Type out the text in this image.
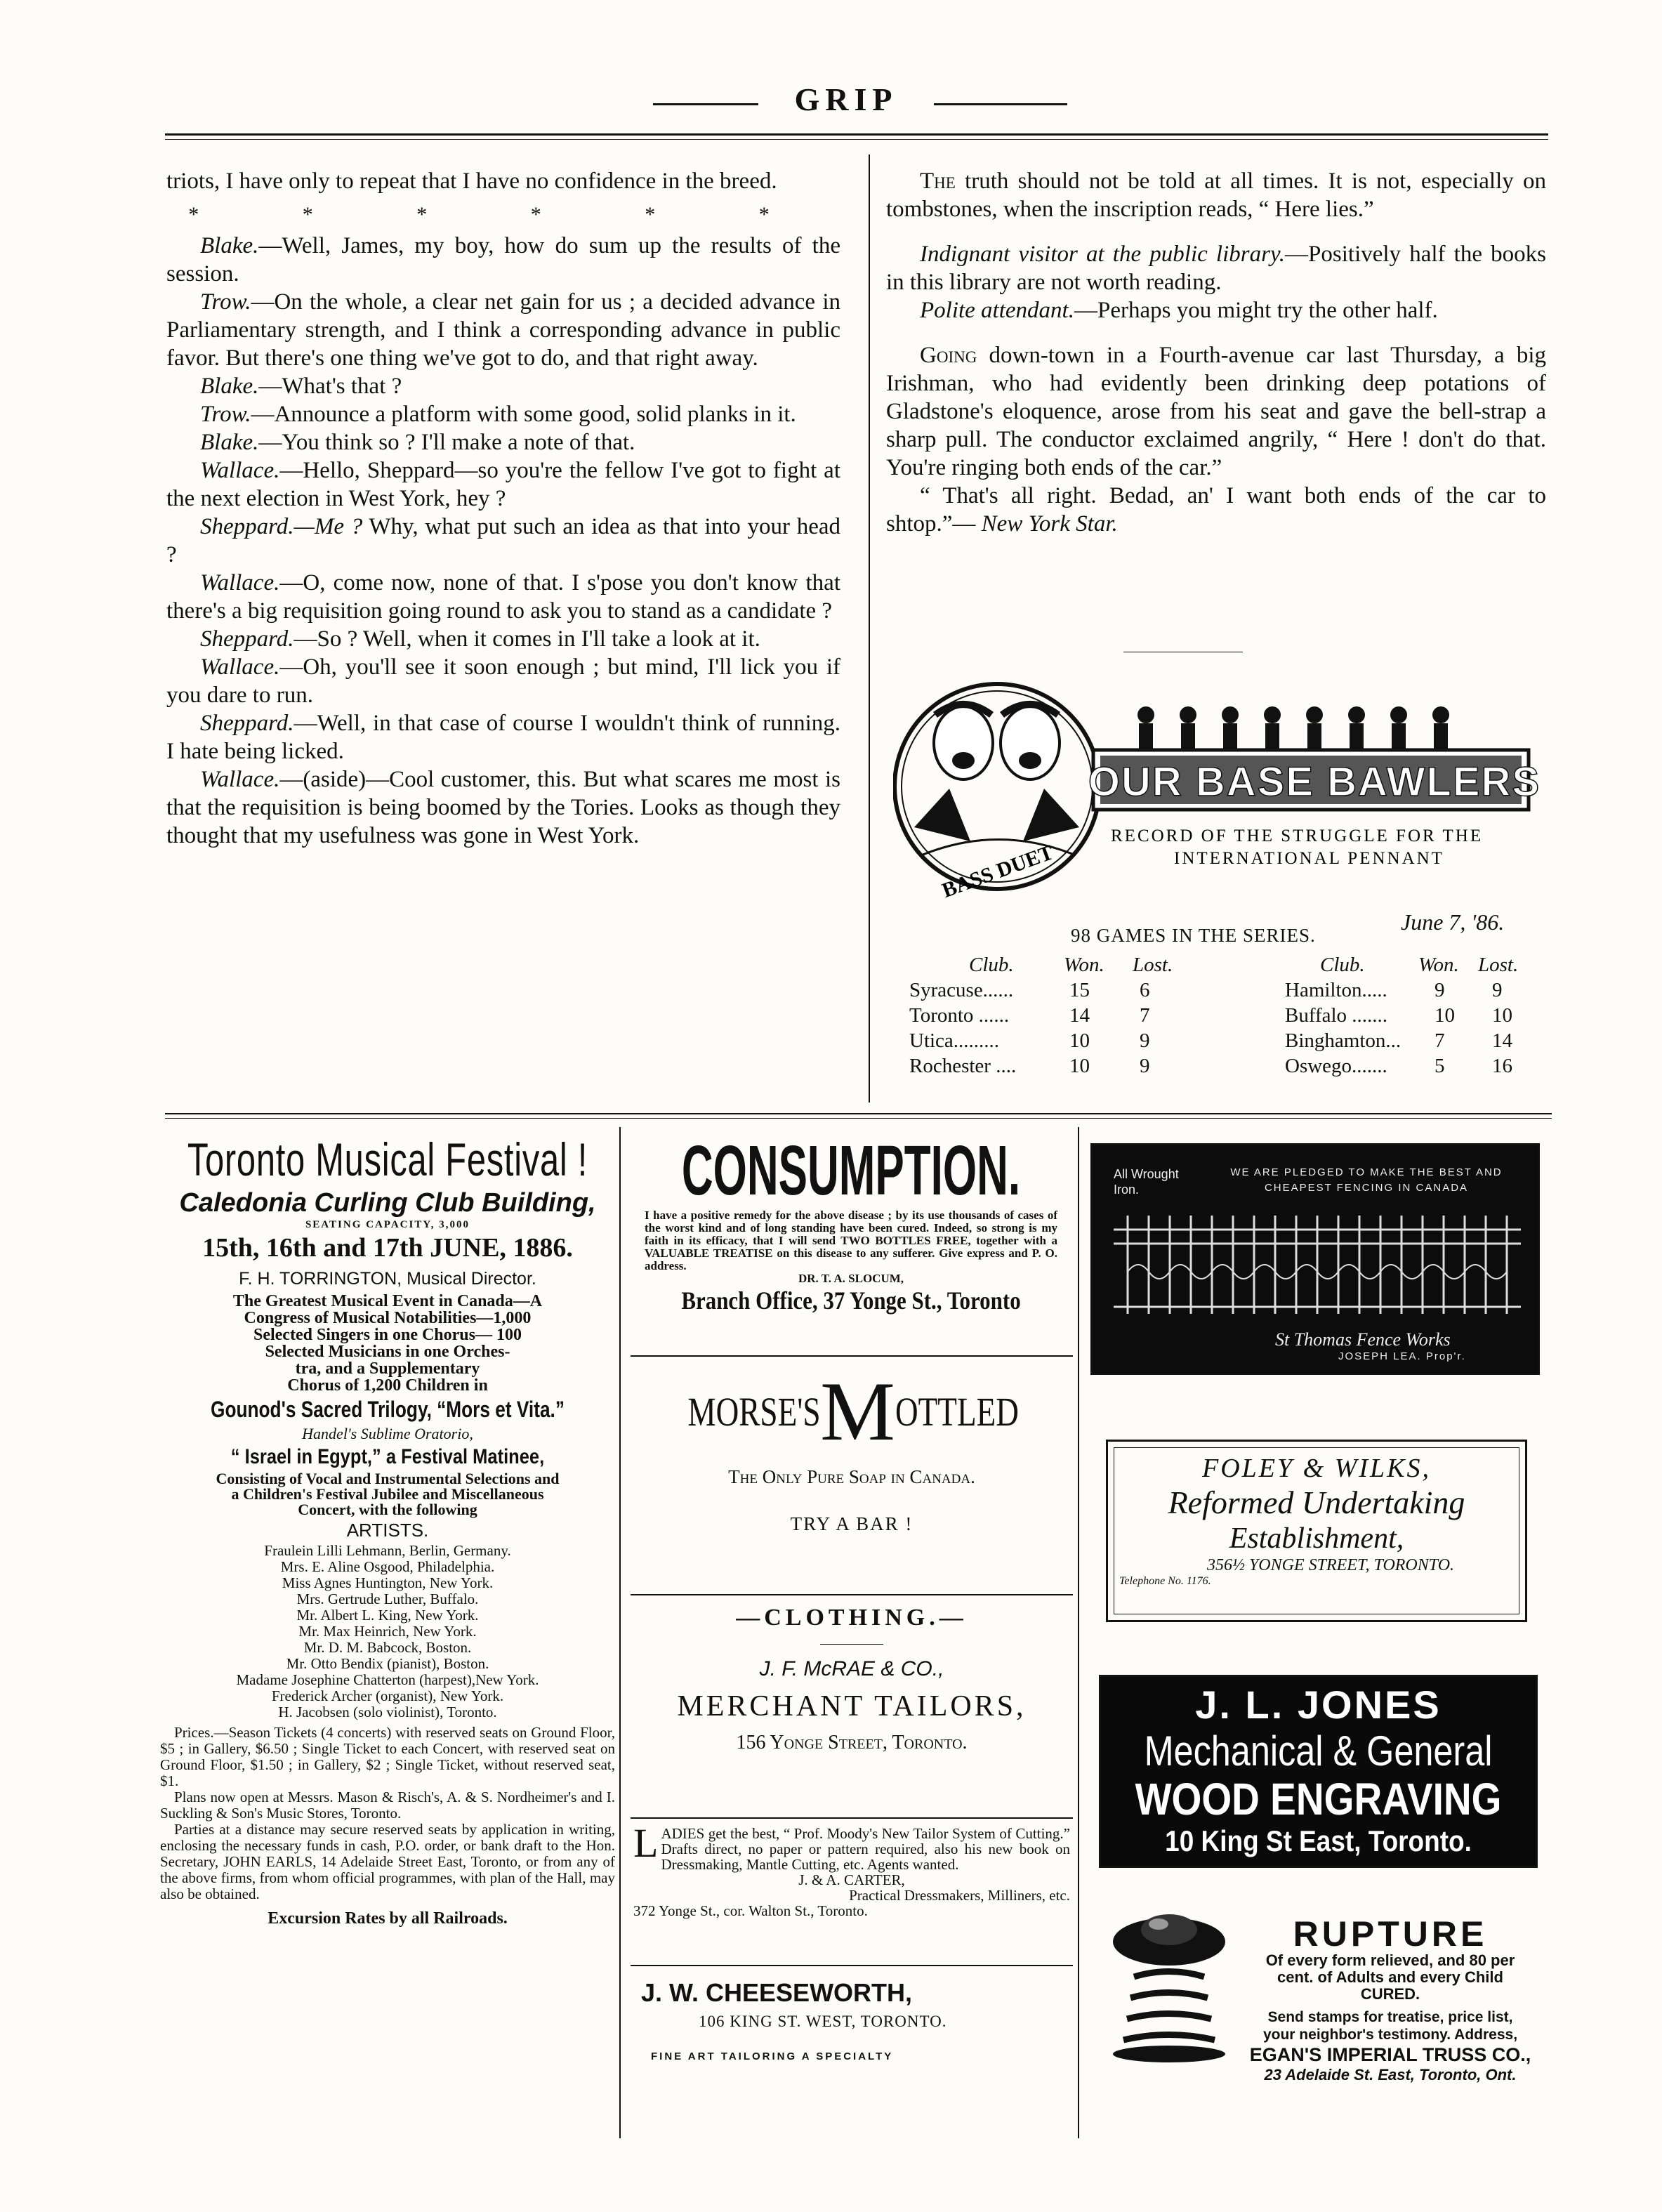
GRIP

triots, I have only to repeat that I have no confidence in the breed.

* * * * * *

Blake.—Well, James, my boy, how do sum up the results of the session.

Trow.—On the whole, a clear net gain for us ; a decided advance in Parliamentary strength, and I think a corresponding advance in public favor. But there's one thing we've got to do, and that right away.

Blake.—What's that ?

Trow.—Announce a platform with some good, solid planks in it.

Blake.—You think so ? I'll make a note of that.

Wallace.—Hello, Sheppard—so you're the fellow I've got to fight at the next election in West York, hey ?

Sheppard.—Me ? Why, what put such an idea as that into your head ?

Wallace.—O, come now, none of that. I s'pose you don't know that there's a big requisition going round to ask you to stand as a candidate ?

Sheppard.—So ? Well, when it comes in I'll take a look at it.

Wallace.—Oh, you'll see it soon enough ; but mind, I'll lick you if you dare to run.

Sheppard.—Well, in that case of course I wouldn't think of running. I hate being licked.

Wallace.—(aside)—Cool customer, this. But what scares me most is that the requisition is being boomed by the Tories. Looks as though they thought that my usefulness was gone in West York.

The truth should not be told at all times. It is not, especially on tombstones, when the inscription reads, “ Here lies.”

Indignant visitor at the public library.—Positively half the books in this library are not worth reading.

Polite attendant.—Perhaps you might try the other half.

Going down-town in a Fourth-avenue car last Thursday, a big Irishman, who had evidently been drinking deep potations of Gladstone's eloquence, arose from his seat and gave the bell-strap a sharp pull. The conductor exclaimed angrily, “ Here ! don't do that. You're ringing both ends of the car.”

“ That's all right. Bedad, an' I want both ends of the car to shtop.”— New York Star.

BASS DUET
OUR BASE BAWLERS
RECORD OF THE STRUGGLE FOR THE
INTERNATIONAL PENNANT
June 7, '86.
98 GAMES IN THE SERIES.
Club. Won. Lost.	Club.	Won. Lost.
Syracuse......	15 6	Hamilton..... 9 9
Toronto ......	14 7	Buffalo ....... 10 10
Utica.........	10 9	Binghamton... 7 14
Rochester ....	10 9	Oswego....... 5 16
Toronto Musical Festival !
Caledonia Curling Club Building,
SEATING CAPACITY, 3,000
15th, 16th and 17th JUNE, 1886.
F. H. TORRINGTON, Musical Director.
The Greatest Musical Event in Canada—A
Congress of Musical Notabilities—1,000
Selected Singers in one Chorus— 100
Selected Musicians in one Orches-
tra, and a Supplementary
Chorus of 1,200 Children in
Gounod's Sacred Trilogy, “Mors et Vita.”
Handel's Sublime Oratorio,
“ Israel in Egypt,” a Festival Matinee,
Consisting of Vocal and Instrumental Selections and
a Children's Festival Jubilee and Miscellaneous
Concert, with the following
ARTISTS.
Fraulein Lilli Lehmann, Berlin, Germany.
Mrs. E. Aline Osgood, Philadelphia.
Miss Agnes Huntington, New York.
Mrs. Gertrude Luther, Buffalo.
Mr. Albert L. King, New York.
Mr. Max Heinrich, New York.
Mr. D. M. Babcock, Boston.
Mr. Otto Bendix (pianist), Boston.
Madame Josephine Chatterton (harpest),New York.
Frederick Archer (organist), New York.
H. Jacobsen (solo violinist), Toronto.

Prices.—Season Tickets (4 concerts) with reserved seats on Ground Floor, $5 ; in Gallery, $6.50 ; Single Ticket to each Concert, with reserved seat on Ground Floor, $1.50 ; in Gallery, $2 ; Single Ticket, without reserved seat, $1.

Plans now open at Messrs. Mason & Risch's, A. & S. Nordheimer's and I. Suckling & Son's Music Stores, Toronto.

Parties at a distance may secure reserved seats by application in writing, enclosing the necessary funds in cash, P.O. order, or bank draft to the Hon. Secretary, JOHN EARLS, 14 Adelaide Street East, Toronto, or from any of the above firms, from whom official programmes, with plan of the Hall, may also be obtained.

Excursion Rates by all Railroads.
CONSUMPTION.

I have a positive remedy for the above disease ; by its use thousands of cases of the worst kind and of long standing have been cured. Indeed, so strong is my faith in its efficacy, that I will send TWO BOTTLES FREE, together with a VALUABLE TREATISE on this disease to any sufferer. Give express and P. O. address.

DR. T. A. SLOCUM,
Branch Office, 37 Yonge St., Toronto
MORSE'SMOTTLED
The Only Pure Soap in Canada.
TRY A BAR !
—CLOTHING.—
J. F. McRAE & CO.,
MERCHANT TAILORS,
156 Yonge Street, Toronto.
L ADIES get the best, “ Prof. Moody's New Tailor System of Cutting.” Drafts direct, no paper or pattern required, also his new book on Dressmaking, Mantle Cutting, etc. Agents wanted.

J. & A. CARTER,
Practical Dressmakers, Milliners, etc.
372 Yonge St., cor. Walton St., Toronto.
J. W. CHEESEWORTH,
106 KING ST. WEST, TORONTO.
FINE ART TAILORING A SPECIALTY
All Wrought Iron.
WE ARE PLEDGED TO MAKE THE BEST AND CHEAPEST FENCING IN CANADA
St Thomas Fence Works
JOSEPH LEA. Prop'r.
FOLEY & WILKS,
Reformed Undertaking
Establishment,
356½ YONGE STREET, TORONTO.
Telephone No. 1176.
J. L. JONES
Mechanical & General
WOOD ENGRAVING
10 King St East, Toronto.
RUPTURE
Of every form relieved, and 80 per
cent. of Adults and every Child
CURED.
Send stamps for treatise, price list,
your neighbor's testimony. Address,
EGAN'S IMPERIAL TRUSS CO.,
23 Adelaide St. East, Toronto, Ont.
